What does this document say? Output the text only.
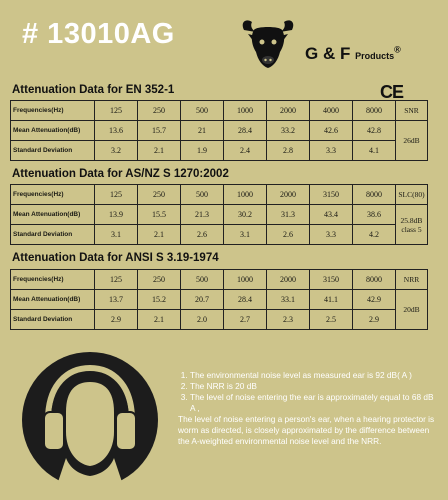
# 13010AG
G & F Products®
CE
Attenuation Data for EN 352-1
Attenuation Data for AS/NZ S 1270:2002
Attenuation Data for ANSI S 3.19-1974
Frequencies(Hz)	125	250	500	1000	2000	4000	8000	SNR
Mean Attenuation(dB)	13.6	15.7	21	28.4	33.2	42.6	42.8	26dB
Standard Deviation	3.2	2.1	1.9	2.4	2.8	3.3	4.1	
Frequencies(Hz)	125	250	500	1000	2000	3150	8000	SLC(80)
Mean Attenuation(dB)	13.9	15.5	21.3	30.2	31.3	43.4	38.6	25.8dB class 5
Standard Deviation	3.1	2.1	2.6	3.1	2.6	3.3	4.2	
Frequencies(Hz)	125	250	500	1000	2000	3150	8000	NRR
Mean Attenuation(dB)	13.7	15.2	20.7	28.4	33.1	41.1	42.9	20dB
Standard Deviation	2.9	2.1	2.0	2.7	2.3	2.5	2.9	
1. The environmental noise level as measured ear is 92 dB( A )
2. The NRR is 20 dB
3. The level of noise entering the ear is approximately equal to 68 dB A ,

The level of noise entering a person's ear, when a hearing protector is worm as directed, is closely approximated by the difference between the A-weighted environmental noise level and the NRR.
